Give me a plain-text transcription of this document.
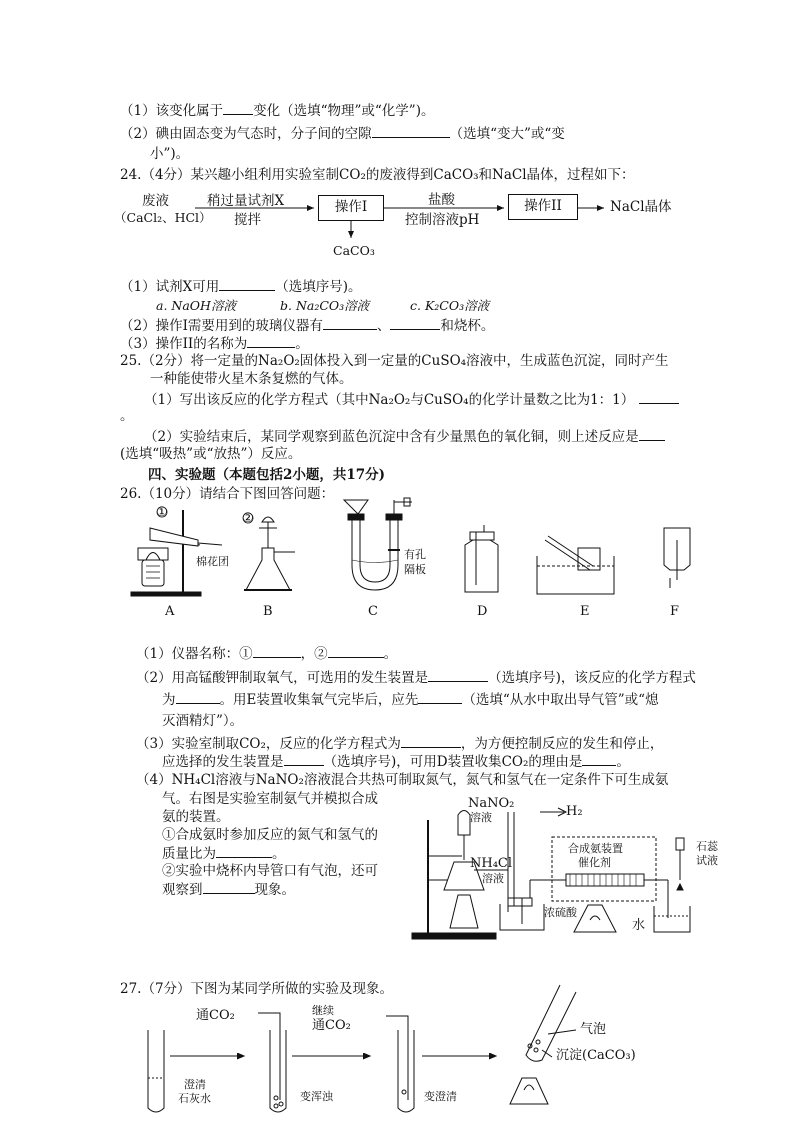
（1）该变化属于 变化（选填“物理”或“化学”)。
（2）碘由固态变为气态时，分子间的空隙	（选填“变大”或“变
小”)。
24.（4分）某兴趣小组利用实验室制CO₂的废液得到CaCO₃和NaCl晶体，过程如下：
废液
（CaCl₂、HCl）
稍过量试剂X
搅拌
操作I	盐酸
控制溶液pH
操作II	NaCl晶体
CaCO₃
（1）试剂X可用	（选填序号)。
a. NaOH溶液	b. Na₂CO₃溶液	c. K₂CO₃溶液
（2）操作I需要用到的玻璃仪器有	、	和烧杯。
（3）操作II的名称为	。
25.（2分）将一定量的Na₂O₂固体投入到一定量的CuSO₄溶液中，生成蓝色沉淀，同时产生
一种能使带火星木条复燃的气体。
（1）写出该反应的化学方程式（其中Na₂O₂与CuSO₄的化学计量数之比为1：1）
。
（2）实验结束后，某同学观察到蓝色沉淀中含有少量黑色的氧化铜，则上述反应是
(选填“吸热”或“放热”）反应。
四、实验题（本题包括2小题，共17分)
26.（10分）请结合下图回答问题：
①	②
棉花团
有孔
隔板
A	B	C	D	E	F
（1）仪器名称：①	，②	。
（2）用高锰酸钾制取氧气，可选用的发生装置是	（选填序号)，该反应的化学方程式
为	。用E装置收集氧气完毕后，应先	（选填“从水中取出导气管”或“熄
灭酒精灯”）。
（3）实验室制取CO₂，反应的化学方程式为	，为方便控制反应的发生和停止，
应选择的发生装置是	（选填序号)，可用D装置收集CO₂的理由是	。
（4）NH₄Cl溶液与NaNO₂溶液混合共热可制取氮气，氮气和氢气在一定条件下可生成氨
气。右图是实验室制氨气并模拟合成
氨的装置。
①合成氨时参加反应的氮气和氢气的
质量比为	。
②实验中烧杯内导管口有气泡，还可
观察到	现象。
NaNO₂
溶液	H₂
NH₄Cl
溶液
合成氨装置
催化剂
石蕊
试液
浓硫酸
水
27.（7分）下图为某同学所做的实验及现象。
通CO₂	继续
通CO₂
澄清
石灰水	变浑浊	变澄清
气泡
沉淀(CaCO₃)
